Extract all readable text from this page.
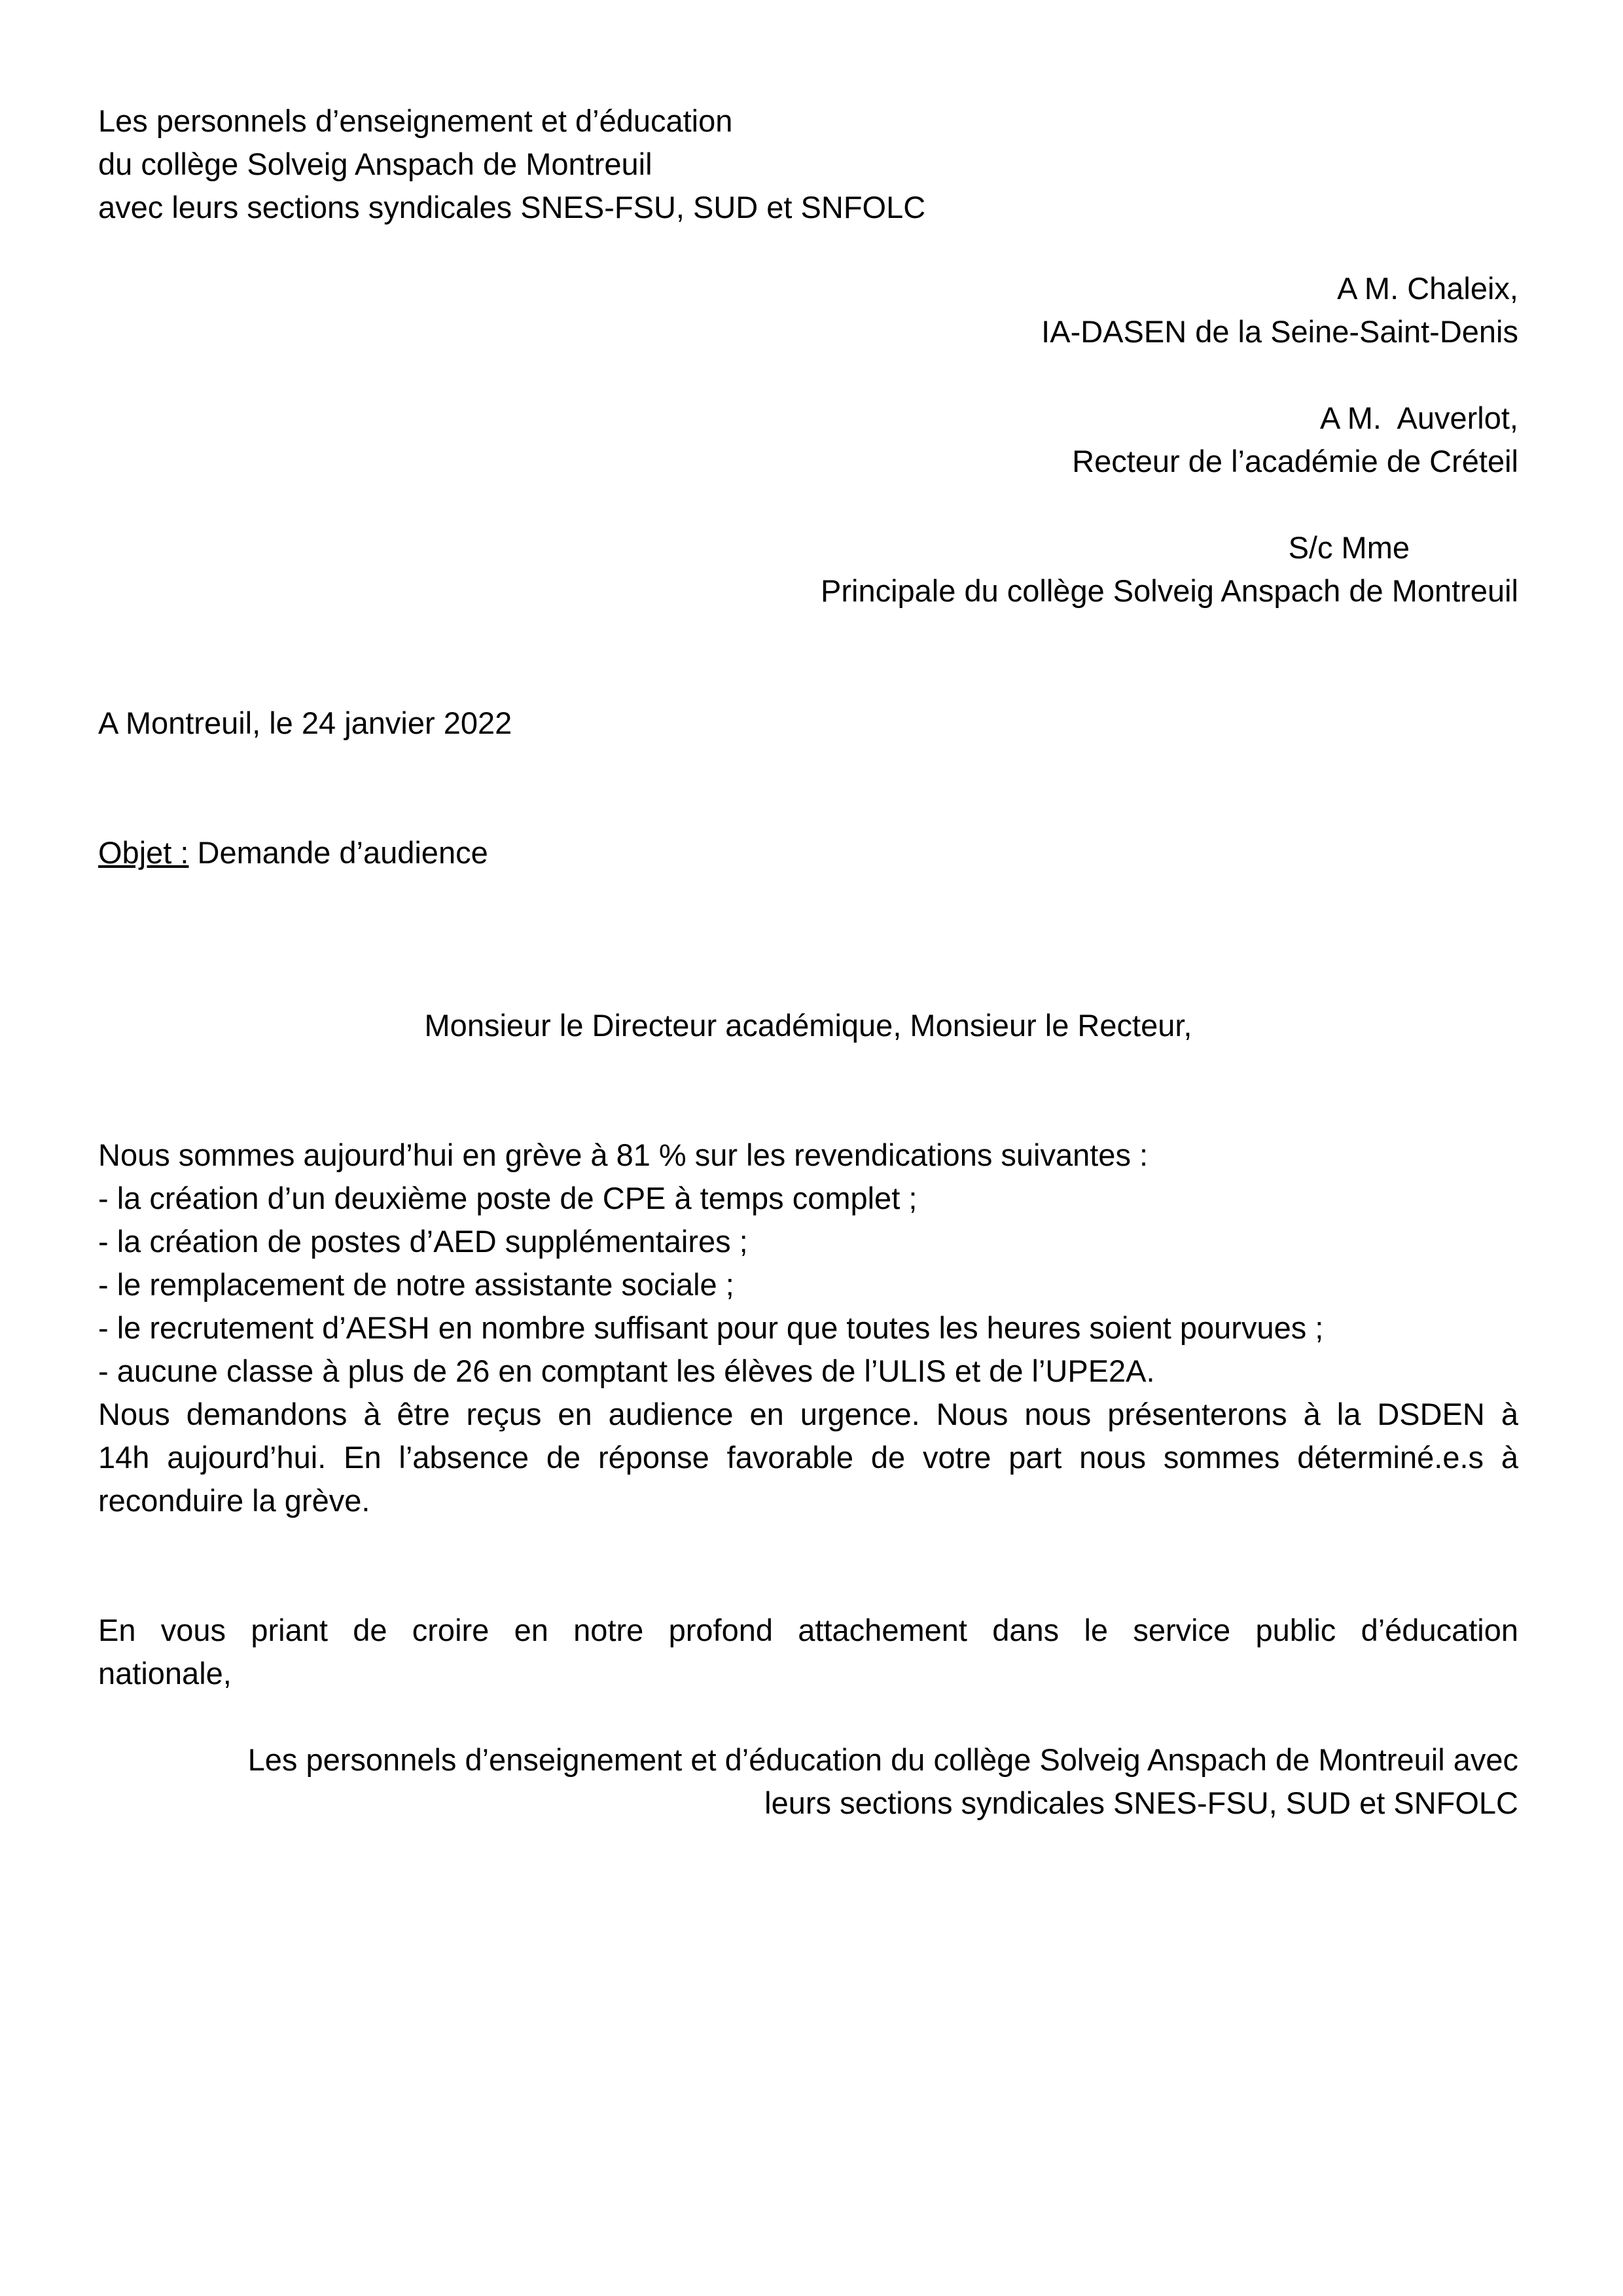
Les personnels d’enseignement et d’éducation
du collège Solveig Anspach de Montreuil
avec leurs sections syndicales SNES-FSU, SUD et SNFOLC
A M. Chaleix,
IA-DASEN de la Seine-Saint-Denis
A M.  Auverlot,
Recteur de l’académie de Créteil
S/c Mme
Principale du collège Solveig Anspach de Montreuil
A Montreuil, le 24 janvier 2022
Objet : Demande d’audience
Monsieur le Directeur académique, Monsieur le Recteur,
Nous sommes aujourd’hui en grève à 81 % sur les revendications suivantes :
- la création d’un deuxième poste de CPE à temps complet ;
- la création de postes d’AED supplémentaires ;
- le remplacement de notre assistante sociale ;
- le recrutement d’AESH en nombre suffisant pour que toutes les heures soient pourvues ;
- aucune classe à plus de 26 en comptant les élèves de l’ULIS et de l’UPE2A.
Nous demandons à être reçus en audience en urgence. Nous nous présenterons à la DSDEN à
14h aujourd’hui. En l’absence de réponse favorable de votre part nous sommes déterminé.e.s à
reconduire la grève.
En vous priant de croire en notre profond attachement dans le service public d’éducation
nationale,
Les personnels d’enseignement et d’éducation du collège Solveig Anspach de Montreuil avec
leurs sections syndicales SNES-FSU, SUD et SNFOLC
